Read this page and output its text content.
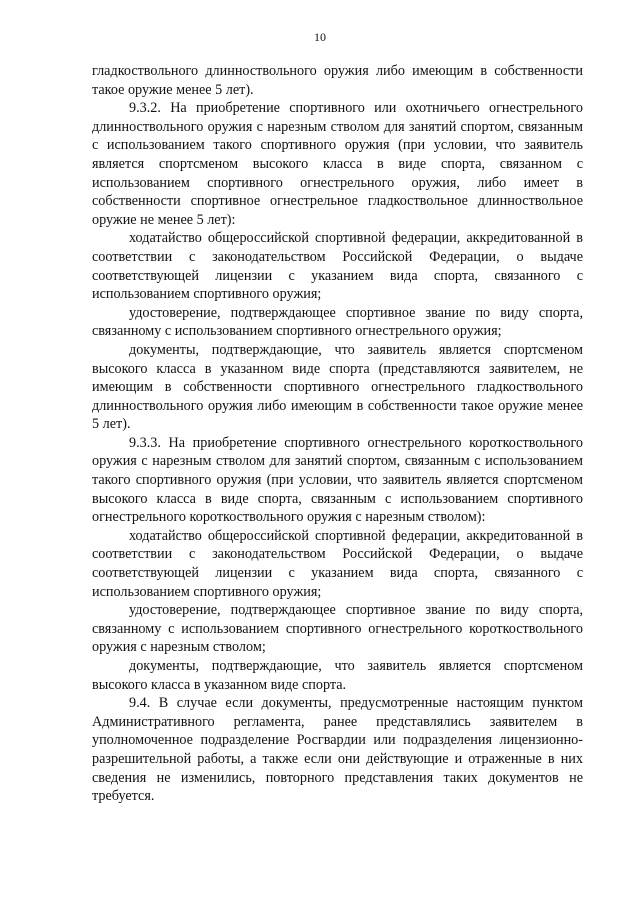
10

гладкоствольного длинноствольного оружия либо имеющим в собственности такое оружие менее 5 лет).

9.3.2. На приобретение спортивного или охотничьего огнестрельного длинноствольного оружия с нарезным стволом для занятий спортом, связанным с использованием такого спортивного оружия (при условии, что заявитель является спортсменом высокого класса в виде спорта, связанном с использованием спортивного огнестрельного оружия, либо имеет в собственности спортивное огнестрельное гладкоствольное длинноствольное оружие не менее 5 лет):

ходатайство общероссийской спортивной федерации, аккредитованной в соответствии с законодательством Российской Федерации, о выдаче соответствующей лицензии с указанием вида спорта, связанного с использованием спортивного оружия;

удостоверение, подтверждающее спортивное звание по виду спорта, связанному с использованием спортивного огнестрельного оружия;

документы, подтверждающие, что заявитель является спортсменом высокого класса в указанном виде спорта (представляются заявителем, не имеющим в собственности спортивного огнестрельного гладкоствольного длинноствольного оружия либо имеющим в собственности такое оружие менее 5 лет).

9.3.3. На приобретение спортивного огнестрельного короткоствольного оружия с нарезным стволом для занятий спортом, связанным с использованием такого спортивного оружия (при условии, что заявитель является спортсменом высокого класса в виде спорта, связанным с использованием спортивного огнестрельного короткоствольного оружия с нарезным стволом):

ходатайство общероссийской спортивной федерации, аккредитованной в соответствии с законодательством Российской Федерации, о выдаче соответствующей лицензии с указанием вида спорта, связанного с использованием спортивного оружия;

удостоверение, подтверждающее спортивное звание по виду спорта, связанному с использованием спортивного огнестрельного короткоствольного оружия с нарезным стволом;

документы, подтверждающие, что заявитель является спортсменом высокого класса в указанном виде спорта.

9.4. В случае если документы, предусмотренные настоящим пунктом Административного регламента, ранее представлялись заявителем в уполномоченное подразделение Росгвардии или подразделения лицензионно-разрешительной работы, а также если они действующие и отраженные в них сведения не изменились, повторного представления таких документов не требуется.
